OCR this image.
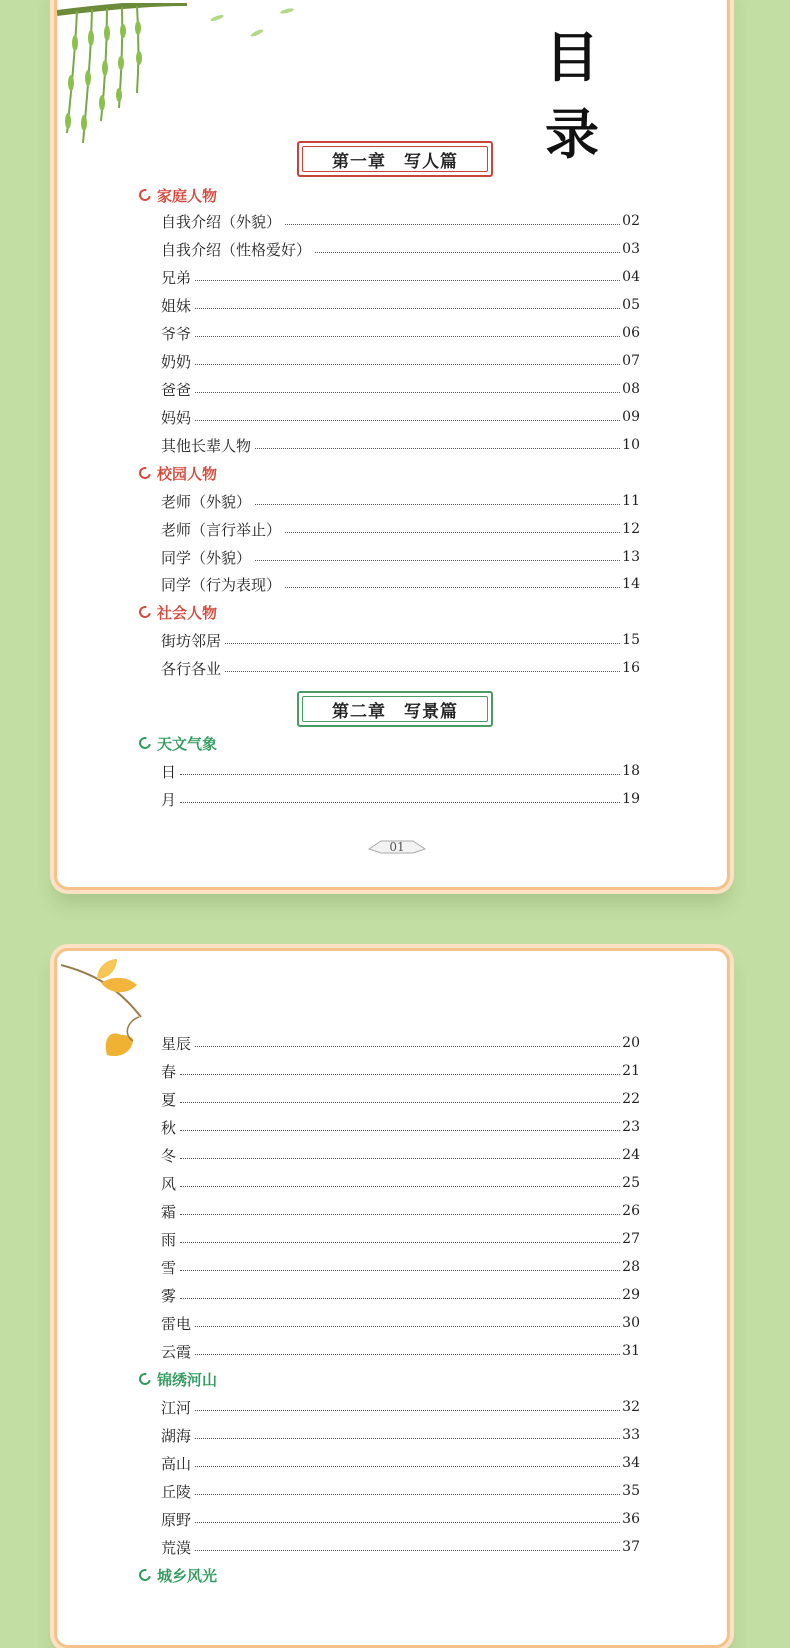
目 录
第一章　写人篇
家庭人物
自我介绍（外貌）	02
自我介绍（性格爱好）	03
兄弟	04
姐妹	05
爷爷	06
奶奶	07
爸爸	08
妈妈	09
其他长辈人物	10
校园人物
老师（外貌）	11
老师（言行举止）	12
同学（外貌）	13
同学（行为表现）	14
社会人物
街坊邻居	15
各行各业	16
第二章　写景篇
天文气象
日	18
月	19
01
星辰	20
春	21
夏	22
秋	23
冬	24
风	25
霜	26
雨	27
雪	28
雾	29
雷电	30
云霞	31
锦绣河山
江河	32
湖海	33
高山	34
丘陵	35
原野	36
荒漠	37
城乡风光
